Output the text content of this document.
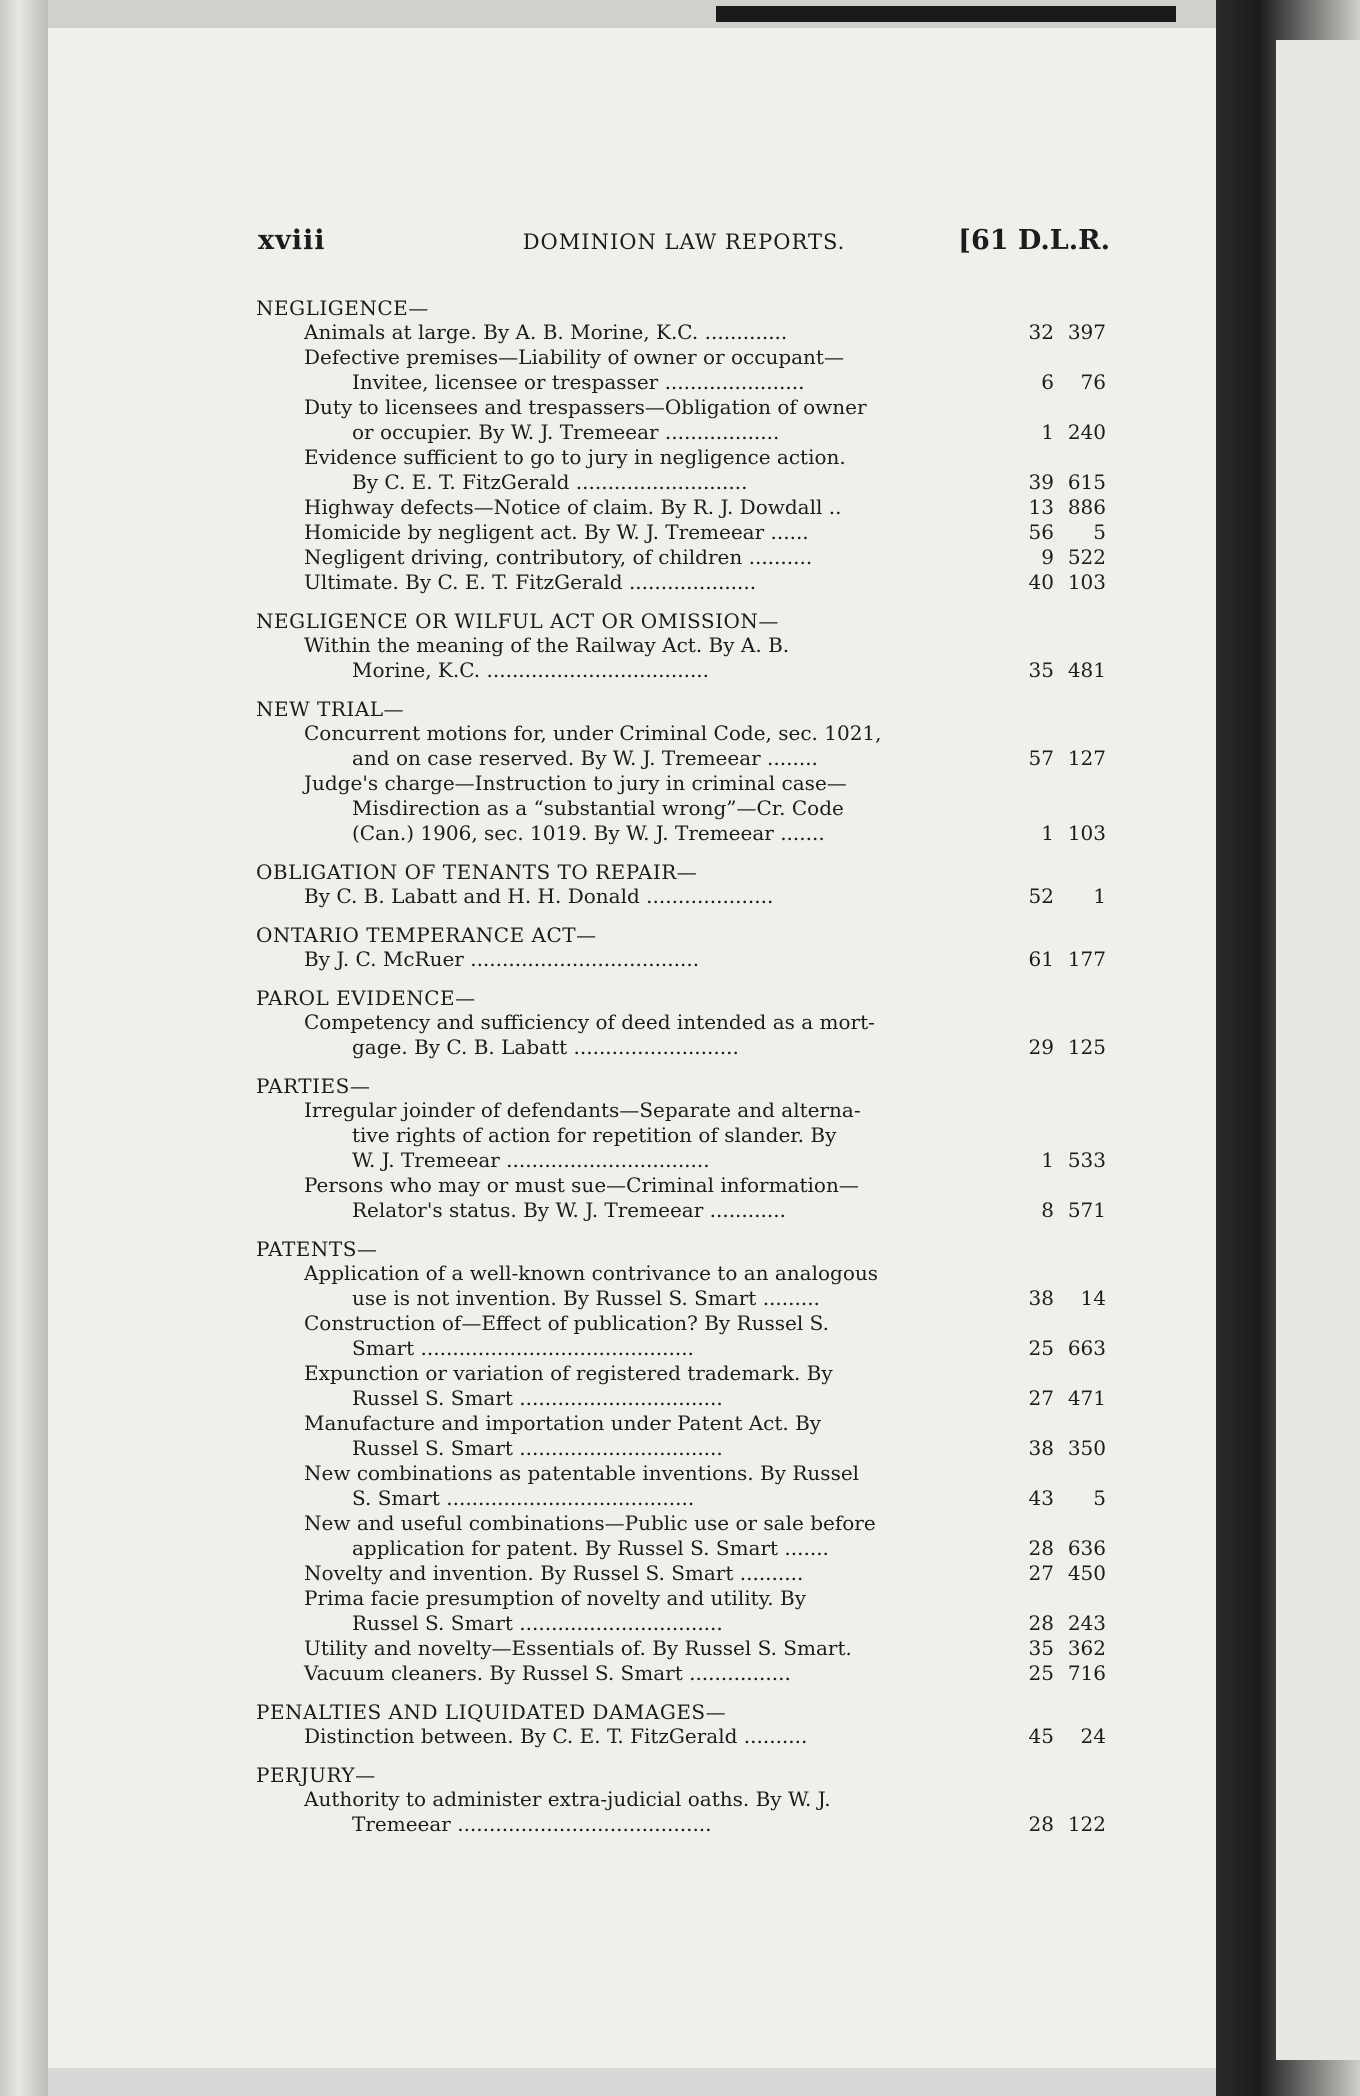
xviii	DOMINION LAW REPORTS.	[61 D.L.R.
NEGLIGENCE—
Animals at large. By A. B. Morine, K.C. .............	32 397
Defective premises—Liability of owner or occupant—
Invitee, licensee or trespasser ......................	6	76
Duty to licensees and trespassers—Obligation of owner
or occupier. By W. J. Tremeear ..................	1 240
Evidence sufficient to go to jury in negligence action.
By C. E. T. FitzGerald ...........................	39 615
Highway defects—Notice of claim. By R. J. Dowdall ..	13 886
Homicide by negligent act. By W. J. Tremeear ......	56	5
Negligent driving, contributory, of children ..........	9 522
Ultimate. By C. E. T. FitzGerald ....................	40 103
NEGLIGENCE OR WILFUL ACT OR OMISSION—
Within the meaning of the Railway Act. By A. B.
Morine, K.C. ...................................	35 481
NEW TRIAL—
Concurrent motions for, under Criminal Code, sec. 1021,
and on case reserved. By W. J. Tremeear ........	57 127
Judge's charge—Instruction to jury in criminal case—
Misdirection as a “substantial wrong”—Cr. Code
(Can.) 1906, sec. 1019. By W. J. Tremeear .......	1 103
OBLIGATION OF TENANTS TO REPAIR—
By C. B. Labatt and H. H. Donald ....................	52	1
ONTARIO TEMPERANCE ACT—
By J. C. McRuer ....................................	61 177
PAROL EVIDENCE—
Competency and sufficiency of deed intended as a mort-
gage. By C. B. Labatt ..........................	29 125
PARTIES—
Irregular joinder of defendants—Separate and alterna-
tive rights of action for repetition of slander. By
W. J. Tremeear ................................	1 533
Persons who may or must sue—Criminal information—
Relator's status. By W. J. Tremeear ............	8 571
PATENTS—
Application of a well-known contrivance to an analogous
use is not invention. By Russel S. Smart .........	38	14
Construction of—Effect of publication? By Russel S.
Smart ...........................................	25 663
Expunction or variation of registered trademark. By
Russel S. Smart ................................	27 471
Manufacture and importation under Patent Act. By
Russel S. Smart ................................	38 350
New combinations as patentable inventions. By Russel
S. Smart .......................................	43	5
New and useful combinations—Public use or sale before
application for patent. By Russel S. Smart .......	28 636
Novelty and invention. By Russel S. Smart ..........	27 450
Prima facie presumption of novelty and utility. By
Russel S. Smart ................................	28 243
Utility and novelty—Essentials of. By Russel S. Smart.	35 362
Vacuum cleaners. By Russel S. Smart ................	25 716
PENALTIES AND LIQUIDATED DAMAGES—
Distinction between. By C. E. T. FitzGerald ..........	45	24
PERJURY—
Authority to administer extra-judicial oaths. By W. J.
Tremeear ........................................	28 122
